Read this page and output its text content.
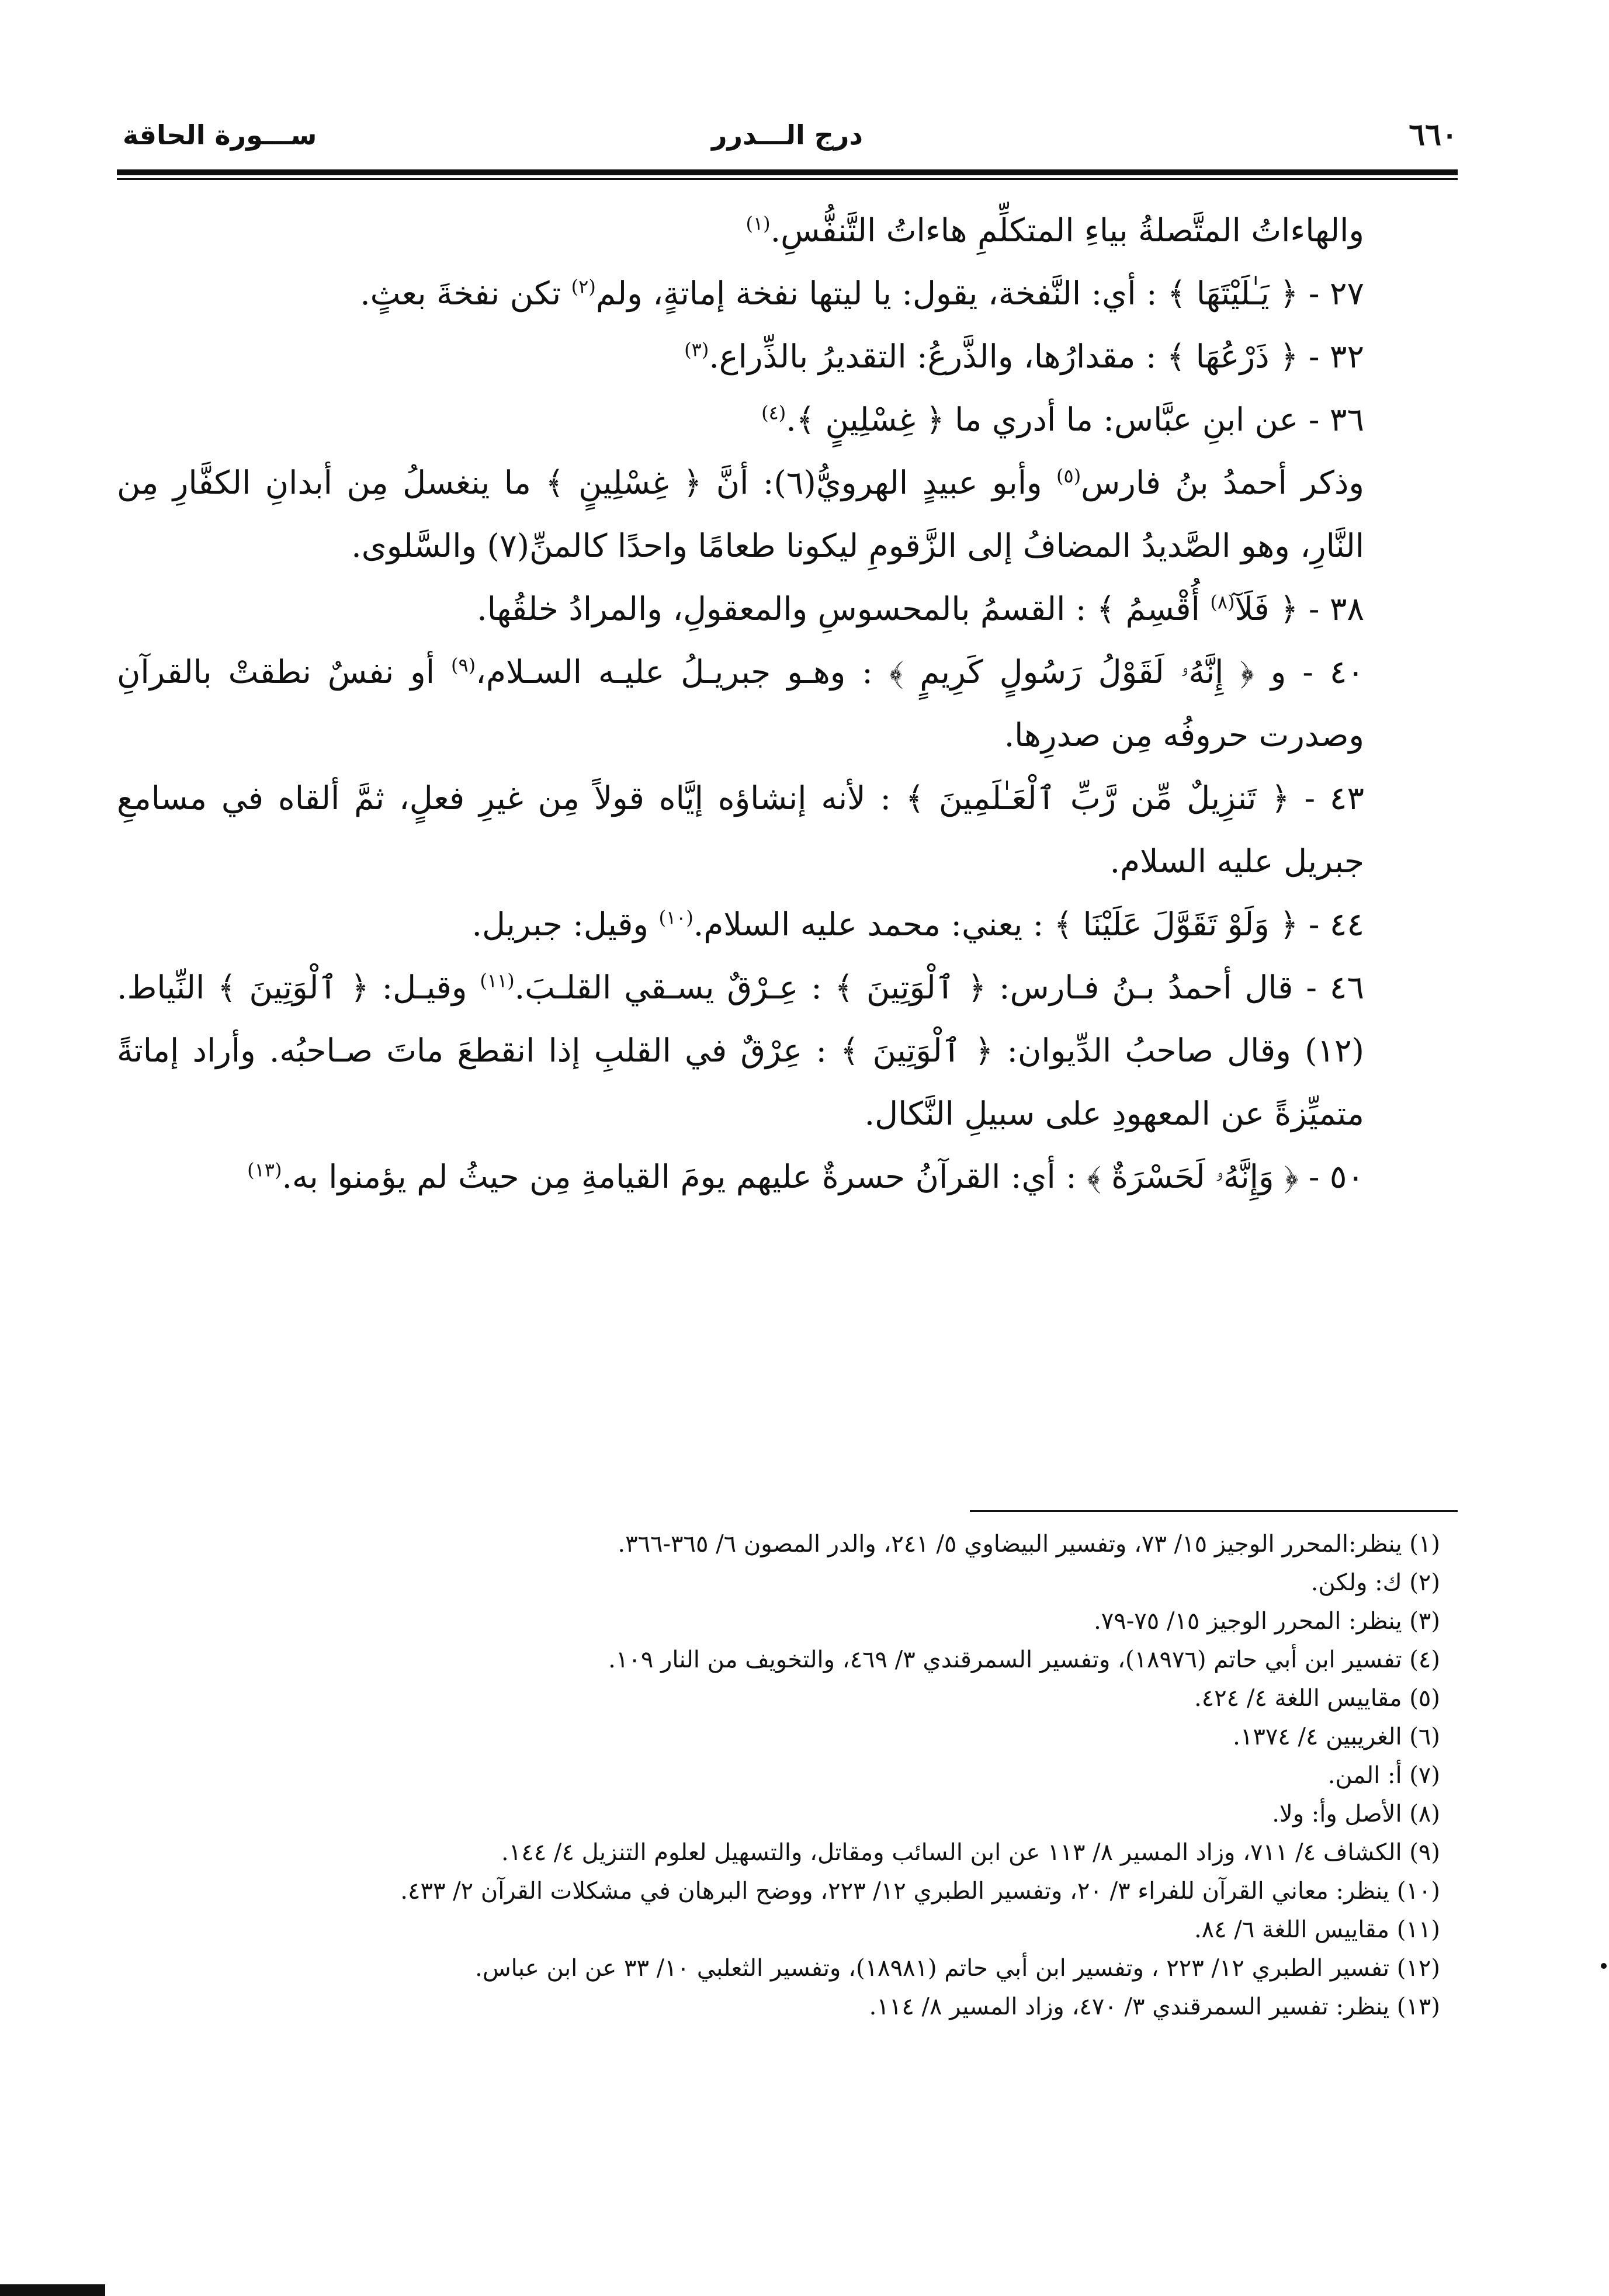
٦٦٠
درج الـــدرر
ســـورة الحاقة

والهاءاتُ المتَّصلةُ بياءِ المتكلِّمِ هاءاتُ التَّنفُّسِ.$^{(١)}$

٢٧ - ﴿ يَـٰلَيْتَهَا ﴾ : أي: النَّفخة، يقول: يا ليتها نفخة إماتةٍ، ولم$^{(٢)}$ تكن نفخةَ بعثٍ.

٣٢ - ﴿ ذَرْعُهَا ﴾ : مقدارُها، والذَّرعُ: التقديرُ بالذِّراع.$^{(٣)}$

٣٦ - عن ابنِ عبَّاس: ما أدري ما ﴿ غِسْلِينٍ ﴾.$^{(٤)}$

وذكر أحمدُ بنُ فارس$^{(٥)}$ وأبو عبيدٍ الهرويُّ(٦): أنَّ ﴿ غِسْلِينٍ ﴾ ما ينغسلُ مِن أبدانِ الكفَّارِ مِن النَّارِ، وهو الصَّديدُ المضافُ إلى الزَّقومِ ليكونا طعامًا واحدًا كالمنِّ(٧) والسَّلوى.

٣٨ - ﴿ فَلَآ$^{(٨)}$ أُقْسِمُ ﴾ : القسمُ بالمحسوسِ والمعقولِ، والمرادُ خلقُها.

٤٠ - و ﴿ إِنَّهُۥ لَقَوْلُ رَسُولٍ كَرِيمٍ ﴾ : وهـو جبريـلُ عليـه السـلام،$^{(٩)}$ أو نفسٌ نطقتْ بالقرآنِ وصدرت حروفُه مِن صدرِها.

٤٣ - ﴿ تَنزِيلٌ مِّن رَّبِّ ٱلْعَـٰلَمِينَ ﴾ : لأنه إنشاؤه إيَّاه قولاً مِن غيرِ فعلٍ، ثمَّ ألقاه في مسامعِ جبريل عليه السلام.

٤٤ - ﴿ وَلَوْ تَقَوَّلَ عَلَيْنَا ﴾ : يعني: محمد عليه السلام.$^{(١٠)}$ وقيل: جبريل.

٤٦ - قال أحمدُ بـنُ فـارس: ﴿ ٱلْوَتِينَ ﴾ : عِـرْقٌ يسـقي القلـبَ.$^{(١١)}$ وقيـل: ﴿ ٱلْوَتِينَ ﴾ النِّياط.(١٢) وقال صاحبُ الدِّيوان: ﴿ ٱلْوَتِينَ ﴾ : عِرْقٌ في القلبِ إذا انقطعَ ماتَ صـاحبُه. وأراد إماتةً متميِّزةً عن المعهودِ على سبيلِ النَّكال.

٥٠ - ﴿ وَإِنَّهُۥ لَحَسْرَةٌ ﴾ : أي: القرآنُ حسرةٌ عليهم يومَ القيامةِ مِن حيثُ لم يؤمنوا به.$^{(١٣)}$

(١) ينظر:المحرر الوجيز ١٥/ ٧٣، وتفسير البيضاوي ٥/ ٢٤١، والدر المصون ٦/ ٣٦٥-٣٦٦.
(٢) ك: ولكن.
(٣) ينظر: المحرر الوجيز ١٥/ ٧٥-٧٩.
(٤) تفسير ابن أبي حاتم (١٨٩٧٦)، وتفسير السمرقندي ٣/ ٤٦٩، والتخويف من النار ١٠٩.
(٥) مقاييس اللغة ٤/ ٤٢٤.
(٦) الغريبين ٤/ ١٣٧٤.
(٧) أ: المن.
(٨) الأصل وأ: ولا.
(٩) الكشاف ٤/ ٧١١، وزاد المسير ٨/ ١١٣ عن ابن السائب ومقاتل، والتسهيل لعلوم التنزيل ٤/ ١٤٤.
(١٠) ينظر: معاني القرآن للفراء ٣/ ٢٠، وتفسير الطبري ١٢/ ٢٢٣، ووضح البرهان في مشكلات القرآن ٢/ ٤٣٣.
(١١) مقاييس اللغة ٦/ ٨٤.
(١٢) تفسير الطبري ١٢/ ٢٢٣ ، وتفسير ابن أبي حاتم (١٨٩٨١)، وتفسير الثعلبي ١٠/ ٣٣ عن ابن عباس.
(١٣) ينظر: تفسير السمرقندي ٣/ ٤٧٠، وزاد المسير ٨/ ١١٤.
